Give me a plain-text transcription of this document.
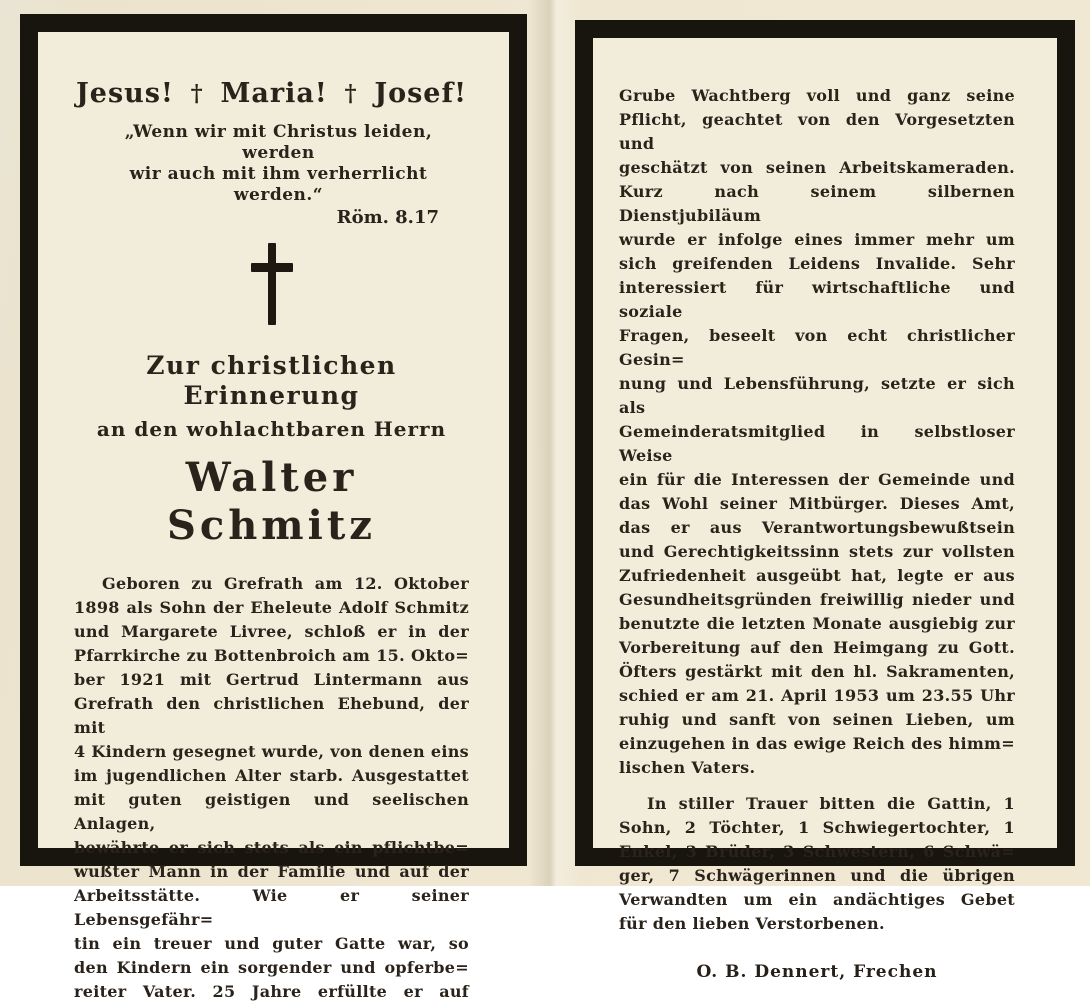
Jesus! † Maria! † Josef!
„Wenn wir mit Christus leiden, werden
wir auch mit ihm verherrlicht werden.“
Röm. 8.17
Zur christlichen Erinnerung
an den wohlachtbaren Herrn
Walter Schmitz
Geboren zu Grefrath am 12. Oktober
1898 als Sohn der Eheleute Adolf Schmitz
und Margarete Livree, schloß er in der
Pfarrkirche zu Bottenbroich am 15. Okto=
ber 1921 mit Gertrud Lintermann aus
Grefrath den christlichen Ehebund, der mit
4 Kindern gesegnet wurde, von denen eins
im jugendlichen Alter starb. Ausgestattet
mit guten geistigen und seelischen Anlagen,
bewährte er sich stets als ein pflichtbe=
wußter Mann in der Familie und auf der
Arbeitsstätte. Wie er seiner Lebensgefähr=
tin ein treuer und guter Gatte war, so
den Kindern ein sorgender und opferbe=
reiter Vater. 25 Jahre erfüllte er auf
Grube Wachtberg voll und ganz seine
Pflicht, geachtet von den Vorgesetzten und
geschätzt von seinen Arbeitskameraden.
Kurz nach seinem silbernen Dienstjubiläum
wurde er infolge eines immer mehr um
sich greifenden Leidens Invalide. Sehr
interessiert für wirtschaftliche und soziale
Fragen, beseelt von echt christlicher Gesin=
nung und Lebensführung, setzte er sich als
Gemeinderatsmitglied in selbstloser Weise
ein für die Interessen der Gemeinde und
das Wohl seiner Mitbürger. Dieses Amt,
das er aus Verantwortungsbewußtsein
und Gerechtigkeitssinn stets zur vollsten
Zufriedenheit ausgeübt hat, legte er aus
Gesundheitsgründen freiwillig nieder und
benutzte die letzten Monate ausgiebig zur
Vorbereitung auf den Heimgang zu Gott.
Öfters gestärkt mit den hl. Sakramenten,
schied er am 21. April 1953 um 23.55 Uhr
ruhig und sanft von seinen Lieben, um
einzugehen in das ewige Reich des himm=
lischen Vaters.
In stiller Trauer bitten die Gattin, 1
Sohn, 2 Töchter, 1 Schwiegertochter, 1
Enkel, 3 Brüder, 3 Schwestern, 6 Schwä=
ger, 7 Schwägerinnen und die übrigen
Verwandten um ein andächtiges Gebet
für den lieben Verstorbenen.
O. B. Dennert, Frechen
